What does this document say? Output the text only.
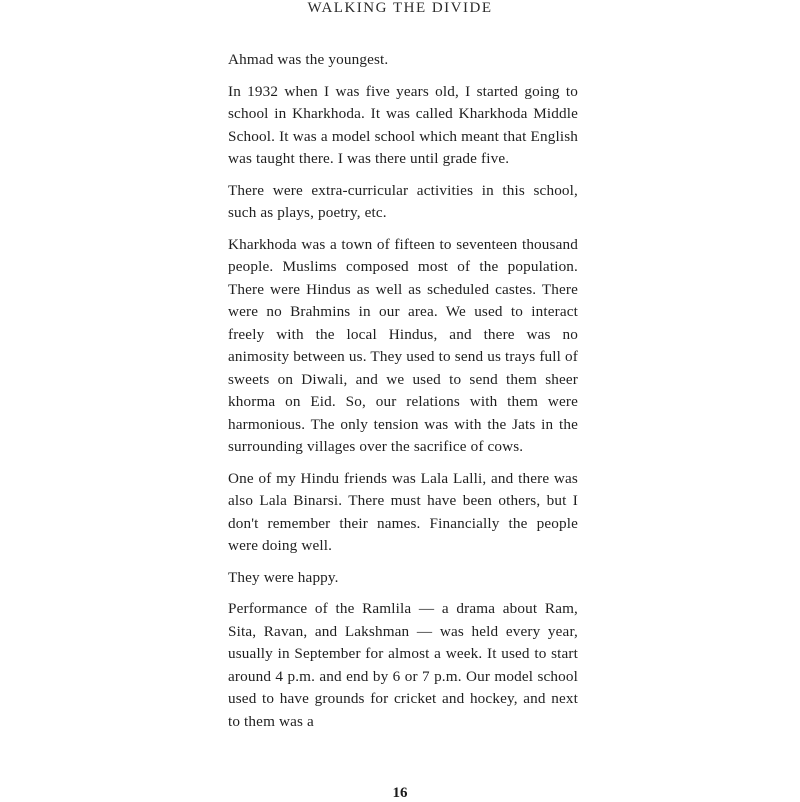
WALKING THE DIVIDE

Ahmad was the youngest.

In 1932 when I was five years old, I started going to school in Kharkhoda. It was called Kharkhoda Middle School. It was a model school which meant that English was taught there. I was there until grade five.

There were extra-curricular activities in this school, such as plays, poetry, etc.

Kharkhoda was a town of fifteen to seventeen thousand people. Muslims composed most of the population. There were Hindus as well as scheduled castes. There were no Brahmins in our area. We used to interact freely with the local Hindus, and there was no animosity between us. They used to send us trays full of sweets on Diwali, and we used to send them sheer khorma on Eid. So, our relations with them were harmonious. The only tension was with the Jats in the surrounding villages over the sacrifice of cows.

One of my Hindu friends was Lala Lalli, and there was also Lala Binarsi. There must have been others, but I don't remember their names. Financially the people were doing well.

They were happy.

Performance of the Ramlila — a drama about Ram, Sita, Ravan, and Lakshman — was held every year, usually in September for almost a week. It used to start around 4 p.m. and end by 6 or 7 p.m. Our model school used to have grounds for cricket and hockey, and next to them was a

16
